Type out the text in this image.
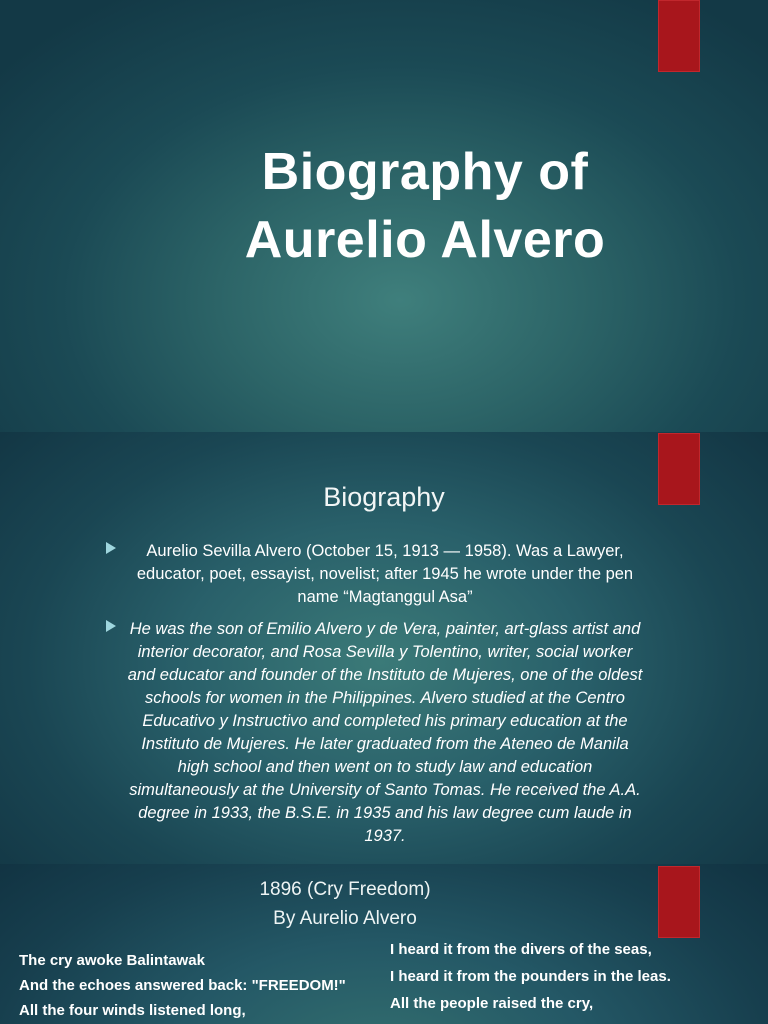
Biography of
Aurelio Alvero
Biography
Aurelio Sevilla Alvero (October 15, 1913 — 1958). Was a Lawyer, educator, poet, essayist, novelist; after 1945 he wrote under the pen name “Magtanggul Asa”
He was the son of Emilio Alvero y de Vera, painter, art-glass artist and interior decorator, and Rosa Sevilla y Tolentino, writer, social worker and educator and founder of the Instituto de Mujeres, one of the oldest schools for women in the Philippines. Alvero studied at the Centro Educativo y Instructivo and completed his primary education at the Instituto de Mujeres. He later graduated from the Ateneo de Manila high school and then went on to study law and education simultaneously at the University of Santo Tomas. He received the A.A. degree in 1933, the B.S.E. in 1935 and his law degree cum laude in 1937.
1896 (Cry Freedom)
By Aurelio Alvero
The cry awoke Balintawak
And the echoes answered back: "FREEDOM!"
All the four winds listened long,
I heard it from the divers of the seas,
I heard it from the pounders in the leas.
All the people raised the cry,
